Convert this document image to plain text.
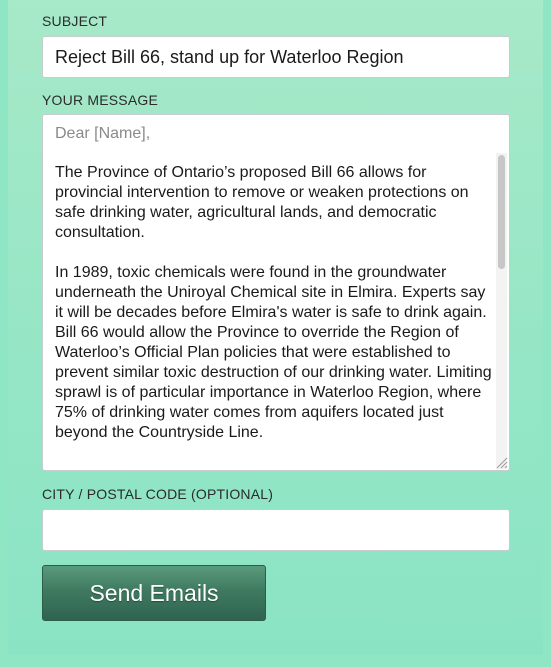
SUBJECT
Reject Bill 66, stand up for Waterloo Region
YOUR MESSAGE
Dear [Name],

The Province of Ontario’s proposed Bill 66 allows for provincial intervention to remove or weaken protections on safe drinking water, agricultural lands, and democratic consultation.

In 1989, toxic chemicals were found in the groundwater underneath the Uniroyal Chemical site in Elmira. Experts say it will be decades before Elmira's water is safe to drink again. Bill 66 would allow the Province to override the Region of Waterloo’s Official Plan policies that were established to prevent similar toxic destruction of our drinking water. Limiting sprawl is of particular importance in Waterloo Region, where 75% of drinking water comes from aquifers located just beyond the Countryside Line.

CITY / POSTAL CODE (OPTIONAL)
Send Emails
